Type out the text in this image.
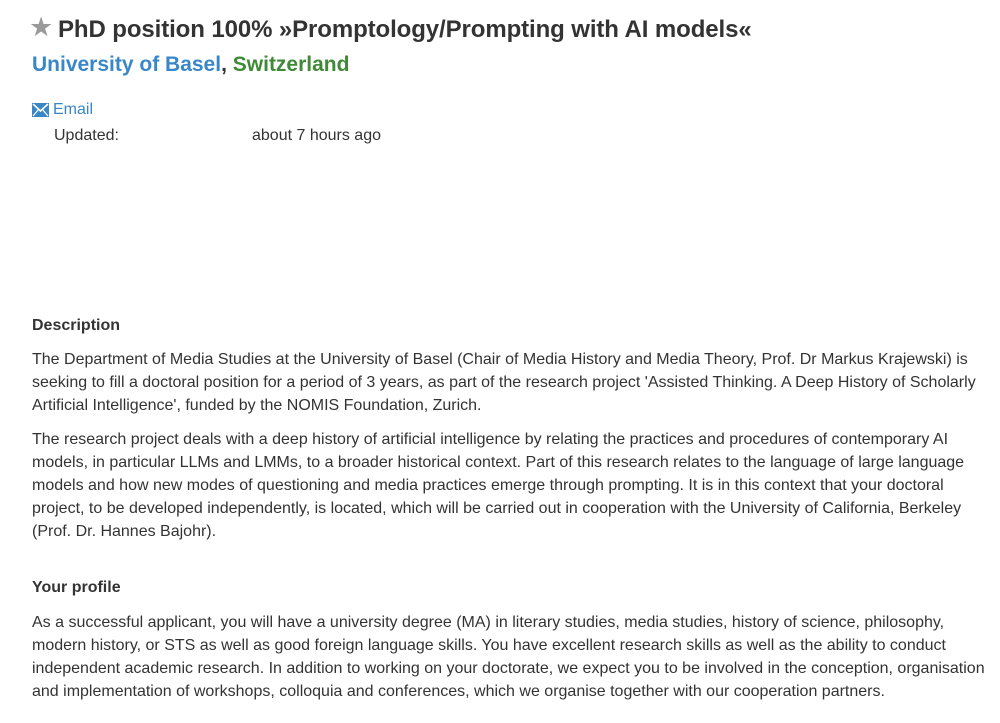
★ PhD position 100% »Promptology/Prompting with AI models«
University of Basel, Switzerland
Email
Updated:	about 7 hours ago
Description

The Department of Media Studies at the University of Basel (Chair of Media History and Media Theory, Prof. Dr Markus Krajewski) is seeking to fill a doctoral position for a period of 3 years, as part of the research project 'Assisted Thinking. A Deep History of Scholarly Artificial Intelligence', funded by the NOMIS Foundation, Zurich.

The research project deals with a deep history of artificial intelligence by relating the practices and procedures of contemporary AI models, in particular LLMs and LMMs, to a broader historical context. Part of this research relates to the language of large language models and how new modes of questioning and media practices emerge through prompting. It is in this context that your doctoral project, to be developed independently, is located, which will be carried out in cooperation with the University of California, Berkeley (Prof. Dr. Hannes Bajohr).

Your profile

As a successful applicant, you will have a university degree (MA) in literary studies, media studies, history of science, philosophy, modern history, or STS as well as good foreign language skills. You have excellent research skills as well as the ability to conduct independent academic research. In addition to working on your doctorate, we expect you to be involved in the conception, organisation and implementation of workshops, colloquia and conferences, which we organise together with our cooperation partners.
